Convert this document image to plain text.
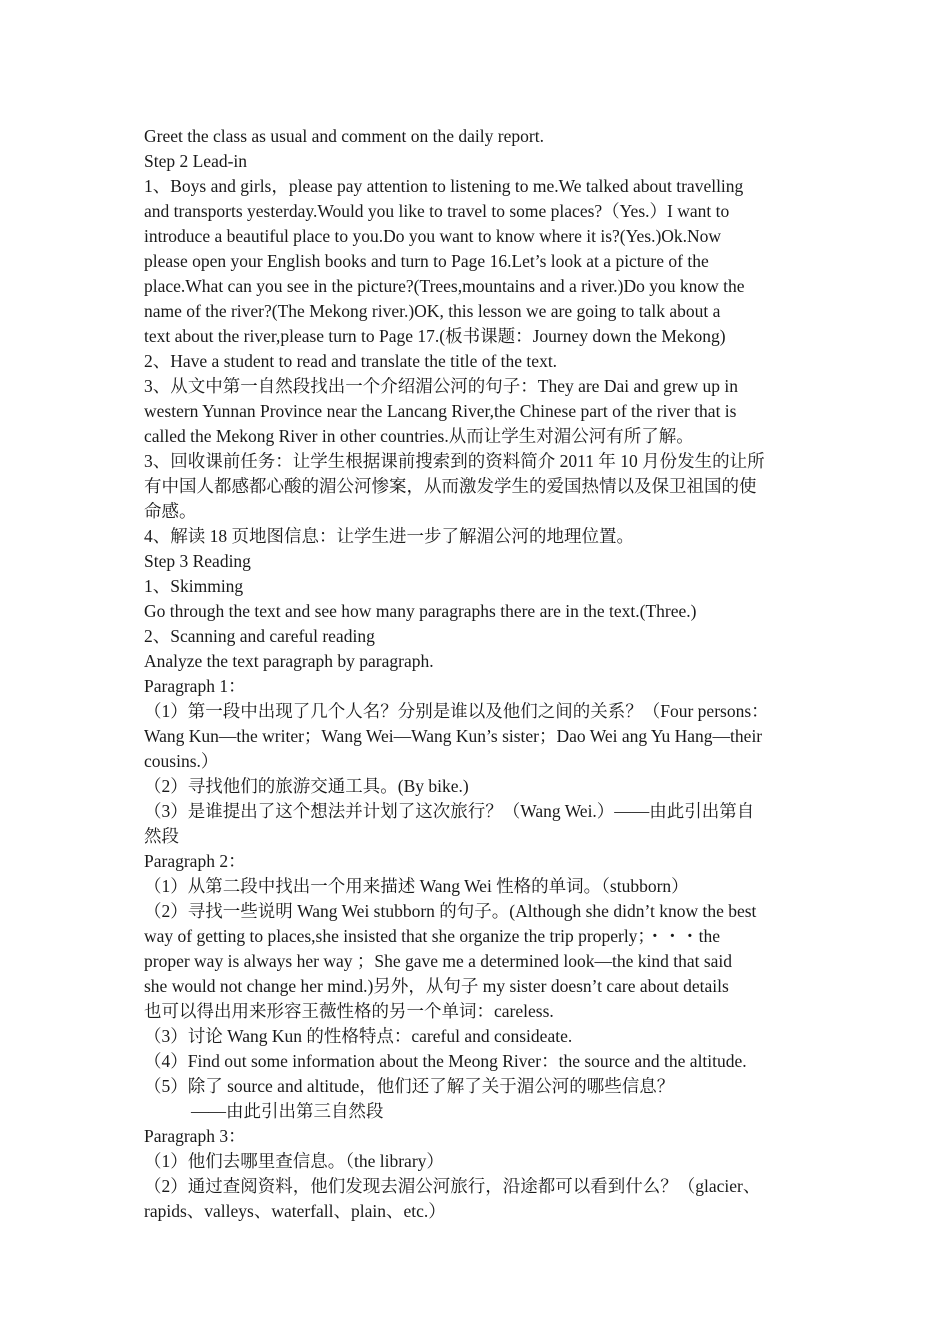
Greet the class as usual and comment on the daily report.
Step 2 Lead-in
1、Boys and girls，please pay attention to listening to me.We talked about travelling
and transports yesterday.Would you like to travel to some places?（Yes.）I want to
introduce a beautiful place to you.Do you want to know where it is?(Yes.)Ok.Now
please open your English books and turn to Page 16.Let’s look at a picture of the
place.What can you see in the picture?(Trees,mountains and a river.)Do you know the
name of the river?(The Mekong river.)OK, this lesson we are going to talk about a
text about the river,please turn to Page 17.(板书课题：Journey down the Mekong)
2、Have a student to read and translate the title of the text.
3、从文中第一自然段找出一个介绍湄公河的句子：They are Dai and grew up in
western Yunnan Province near the Lancang River,the Chinese part of the river that is
called the Mekong River in other countries.从而让学生对湄公河有所了解。
3、回收课前任务：让学生根据课前搜索到的资料简介 2011 年 10 月份发生的让所
有中国人都感都心酸的湄公河惨案，从而激发学生的爱国热情以及保卫祖国的使
命感。
4、解读 18 页地图信息：让学生进一步了解湄公河的地理位置。
Step 3 Reading
1、Skimming
Go through the text and see how many paragraphs there are in the text.(Three.)
2、Scanning and careful reading
Analyze the text paragraph by paragraph.
Paragraph 1：
（1）第一段中出现了几个人名？分别是谁以及他们之间的关系？（Four persons：
Wang Kun—the writer；Wang Wei—Wang Kun’s sister；Dao Wei ang Yu Hang—their
cousins.）
（2）寻找他们的旅游交通工具。(By bike.)
（3）是谁提出了这个想法并计划了这次旅行？（Wang Wei.）——由此引出第自
然段
Paragraph 2：
（1）从第二段中找出一个用来描述 Wang Wei 性格的单词。（stubborn）
（2）寻找一些说明 Wang Wei stubborn 的句子。(Although she didn’t know the best
way of getting to places,she insisted that she organize the trip properly；・・・the
proper way is always her way ；She gave me a determined look—the kind that said
she would not change her mind.)另外，从句子 my sister doesn’t care about details
也可以得出用来形容王薇性格的另一个单词：careless.
（3）讨论 Wang Kun 的性格特点：careful and consideate.
（4）Find out some information about the Meong River：the source and the altitude.
（5）除了 source and altitude，他们还了解了关于湄公河的哪些信息？
——由此引出第三自然段
Paragraph 3：
（1）他们去哪里查信息。（the library）
（2）通过查阅资料，他们发现去湄公河旅行，沿途都可以看到什么？（glacier、
rapids、valleys、waterfall、plain、etc.）
